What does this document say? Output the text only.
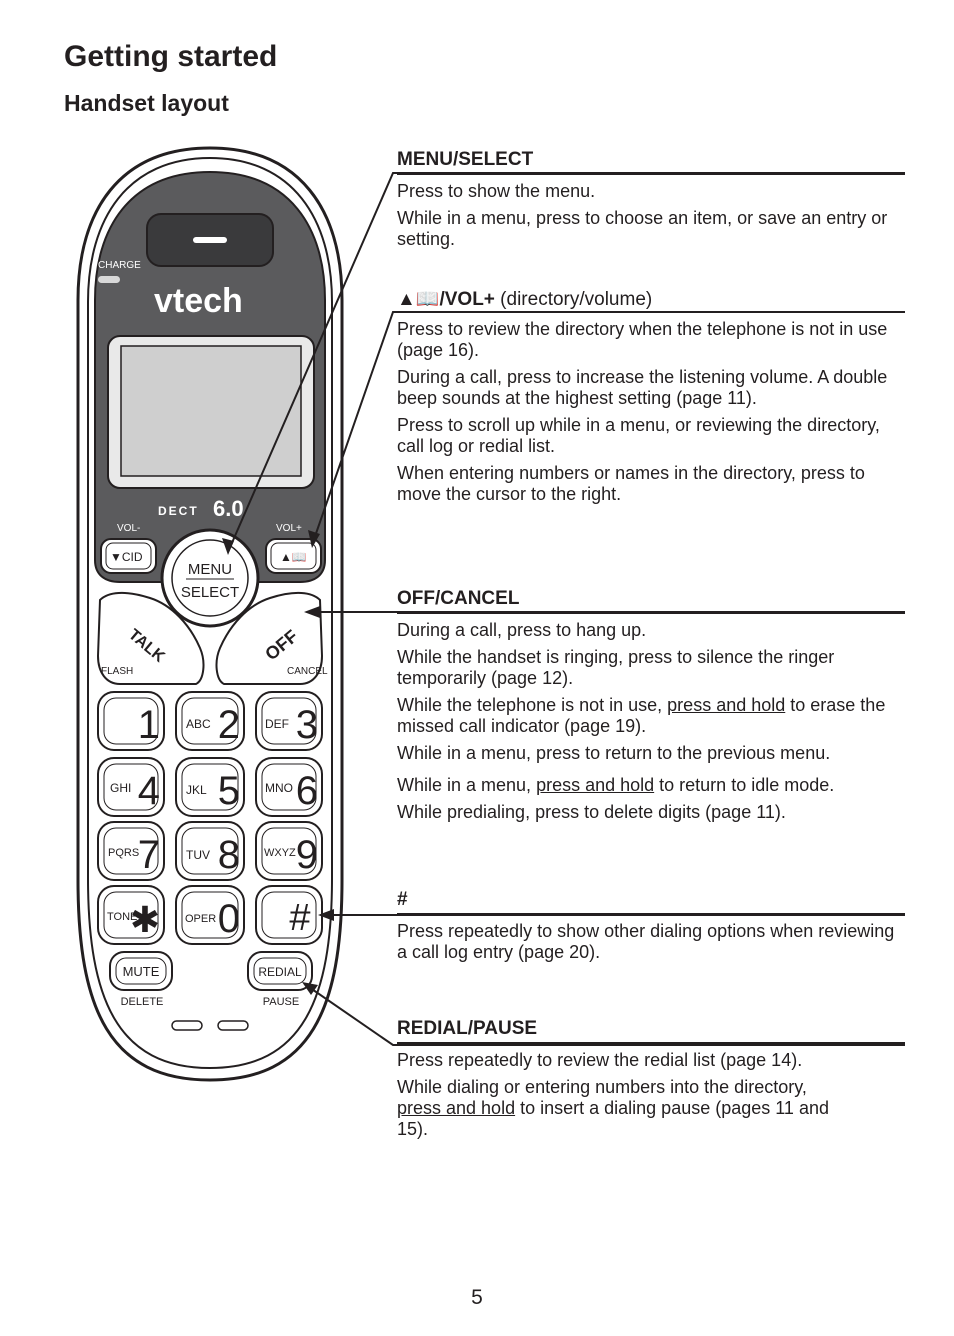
Getting started
Handset layout
CHARGE
vtech
DECT 6.0
VOL-	VOL+
▼CID	▲📖
MENU
SELECT
TALK
FLASH
OFF
CANCEL
1 ABC 2 DEF 3
GHI 4 JKL 5 MNO 6
PQRS
7 TUV 8 WXYZ 9
TONE
✱ OPER 0 #
MUTE
DELETE
REDIAL
PAUSE
MENU/SELECT

Press to show the menu.

While in a menu, press to choose an item, or save an entry or setting.

▲📖/VOL+ (directory/volume)

Press to review the directory when the telephone is not in use (page 16).

During a call, press to increase the listening volume. A double beep sounds at the highest setting (page 11).

Press to scroll up while in a menu, or reviewing the directory, call log or redial list.

When entering numbers or names in the directory, press to move the cursor to the right.

OFF/CANCEL

During a call, press to hang up.

While the handset is ringing, press to silence the ringer temporarily (page 12).

While the telephone is not in use, press and hold to erase the missed call indicator (page 19).

While in a menu, press to return to the previous menu.

While in a menu, press and hold to return to idle mode.

While predialing, press to delete digits (page 11).

#

Press repeatedly to show other dialing options when reviewing a call log entry (page 20).

REDIAL/PAUSE

Press repeatedly to review the redial list (page 14).

While dialing or entering numbers into the directory, press and hold to insert a dialing pause (pages 11 and 15).

5
